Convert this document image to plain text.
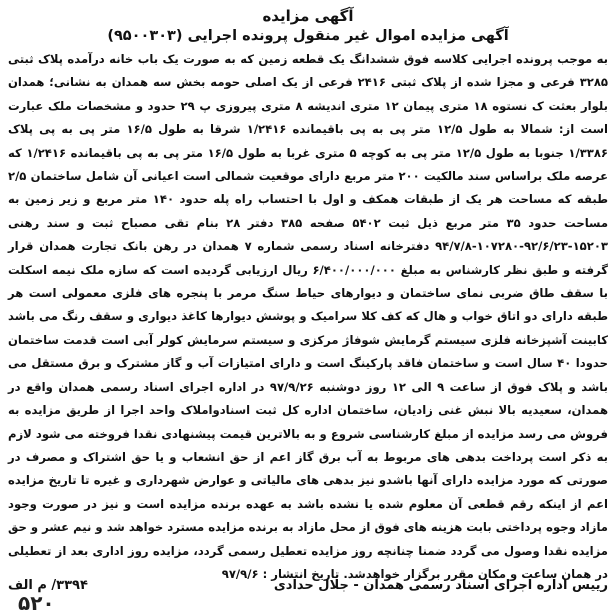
آگهی مزایده
آگهی مزایده اموال غیر منقول پرونده اجرایی (۹۵۰۰۳۰۳)

به موجب پرونده اجرایی کلاسه فوق ششدانگ یک قطعه زمین که به صورت یک باب خانه درآمده پلاک ثبتی ۳۲۸۵ فرعی و مجزا شده از پلاک ثبتی ۲۴۱۶ فرعی از یک اصلی حومه بخش سه همدان به نشانی؛ همدان بلوار بعثت ک نستوه ۱۸ متری پیمان ۱۲ متری اندیشه ۸ متری پیروزی پ ۲۹ حدود و مشخصات ملک عبارت است از: شمالا به طول ۱۲/۵ متر پی به پی باقیمانده ۱/۲۴۱۶ شرقا به طول ۱۶/۵ متر پی به پی پلاک ۱/۳۳۸۶ جنوبا به طول ۱۲/۵ متر پی به کوچه ۵ متری غربا به طول ۱۶/۵ متر پی به پی باقیمانده ۱/۲۴۱۶ که عرصه ملک براساس سند مالکیت ۲۰۰ متر مربع دارای موقعیت شمالی است اعیانی آن شامل ساختمان ۲/۵ طبقه که مساحت هر یک از طبقات همکف و اول با احتساب راه پله حدود ۱۴۰ متر مربع و زیر زمین به مساحت حدود ۳۵ متر مربع ذیل ثبت ۵۴۰۲ صفحه ۳۸۵ دفتر ۲۸ بنام تقی مصباح ثبت و سند رهنی ۱۵۲۰۳-۹۲/۶/۲۳-۱۰۷۲۸۰-۹۴/۷/۸ دفترخانه اسناد رسمی شماره ۷ همدان در رهن بانک تجارت همدان قرار گرفته و طبق نظر کارشناس به مبلغ ۶/۴۰۰/۰۰۰/۰۰۰ ریال ارزیابی گردیده است که سازه ملک نیمه اسکلت با سقف طاق ضربی نمای ساختمان و دیوارهای حیاط سنگ مرمر با پنجره های فلزی معمولی است هر طبقه دارای دو اتاق خواب و هال که کف کلا سرامیک و پوشش دیوارها کاغذ دیواری و سقف رنگ می باشد کابینت آشپزخانه فلزی سیستم گرمایش شوفاژ مرکزی و سیستم سرمایش کولر آبی است قدمت ساختمان حدودا ۴۰ سال است و ساختمان فاقد پارکینگ است و دارای امتیازات آب و گاز مشترک و برق مستقل می باشد و پلاک فوق از ساعت ۹ الی ۱۲ روز دوشنبه ۹۷/۹/۲۶ در اداره اجرای اسناد رسمی همدان واقع در همدان، سعیدیه بالا نبش غنی زادیان، ساختمان اداره کل ثبت اسنادواملاک واحد اجرا از طریق مزایده به فروش می رسد مزایده از مبلغ کارشناسی شروع و به بالاترین قیمت پیشنهادی نقدا فروخته می شود لازم به ذکر است پرداخت بدهی های مربوط به آب برق گاز اعم از حق انشعاب و یا حق اشتراک و مصرف در صورتی که مورد مزایده دارای آنها باشدو نیز بدهی های مالیاتی و عوارض شهرداری و غیره تا تاریخ مزایده اعم از اینکه رقم قطعی آن معلوم شده یا نشده باشد به عهده برنده مزایده است و نیز در صورت وجود مازاد وجوه پرداختی بابت هزینه های فوق از محل مازاد به برنده مزایده مسترد خواهد شد و نیم عشر و حق مزایده نقدا وصول می گردد ضمنا چنانچه روز مزایده تعطیل رسمی گردد، مزایده روز اداری بعد از تعطیلی در همان ساعت و مکان مقرر برگزار خواهدشد. تاریخ انتشار : ۹۷/۹/۶

رییس اداره اجرای اسناد رسمی همدان - جلال حدادی
۳۳۹۴/ م الف
۵۲۰
